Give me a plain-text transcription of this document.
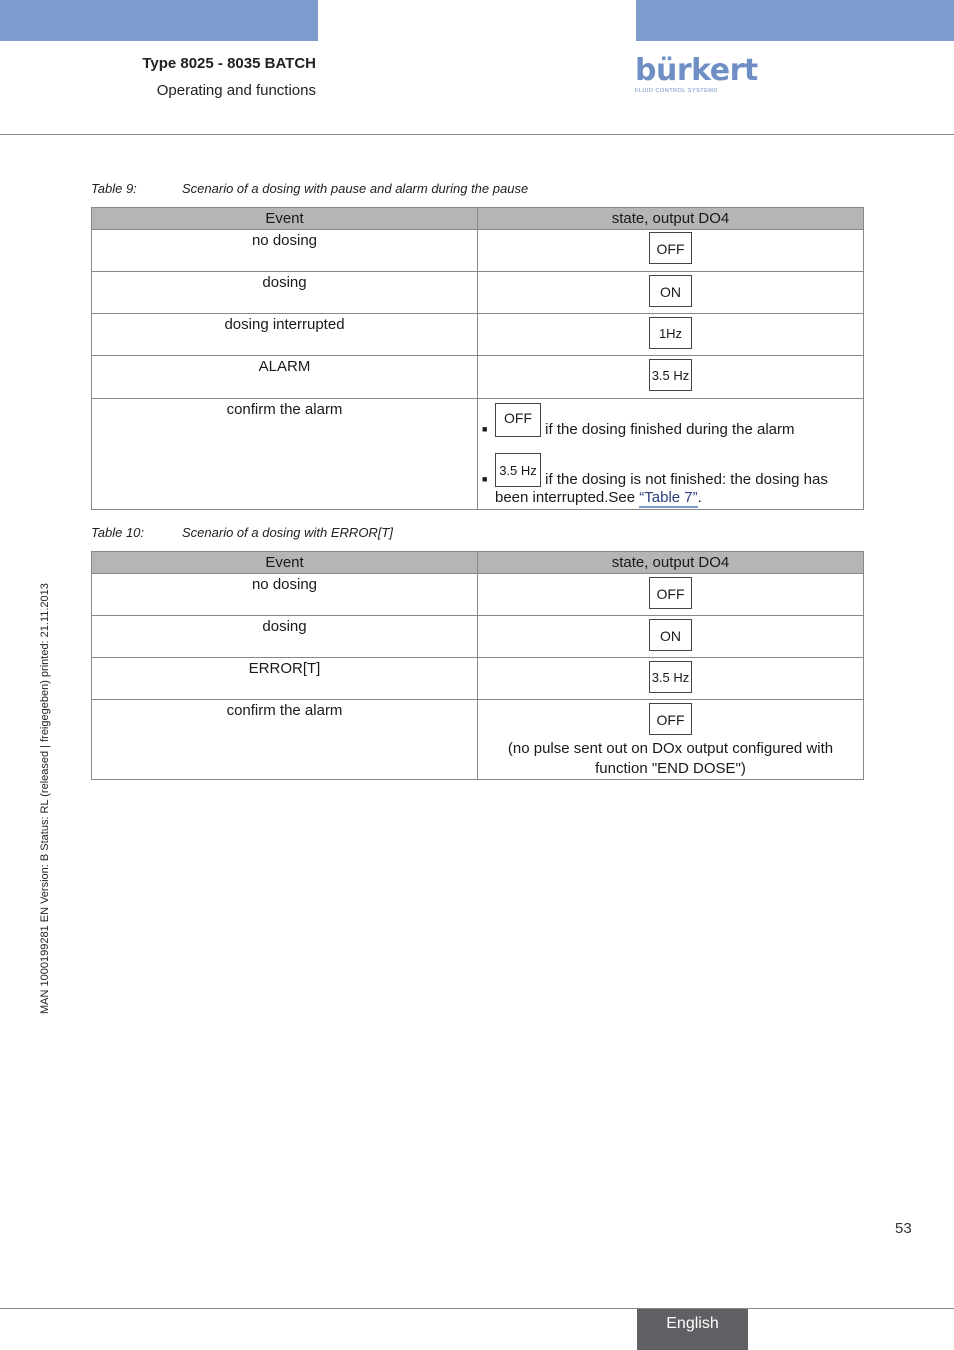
Type 8025 - 8035 BATCH
Operating and functions
bürkert
FLUID CONTROL SYSTEMS
MAN 1000199281 EN Version: B Status: RL (released | freigegeben) printed: 21.11.2013
Table 9:	Scenario of a dosing with pause and alarm during the pause
Event	state, output DO4
no dosing	OFF
dosing	ON
dosing interrupted	1Hz
ALARM	3.5 Hz
confirm the alarm	■
OFF if the dosing finished during the alarm
■
3.5 Hz if the dosing is not finished: the dosing has
been interrupted.See “Table 7”.
Table 10:	Scenario of a dosing with ERROR[T]
Event	state, output DO4
no dosing	OFF
dosing	ON
ERROR[T]	3.5 Hz
confirm the alarm	OFF
(no pulse sent out on DOx output configured with
function "END DOSE")
53
English
